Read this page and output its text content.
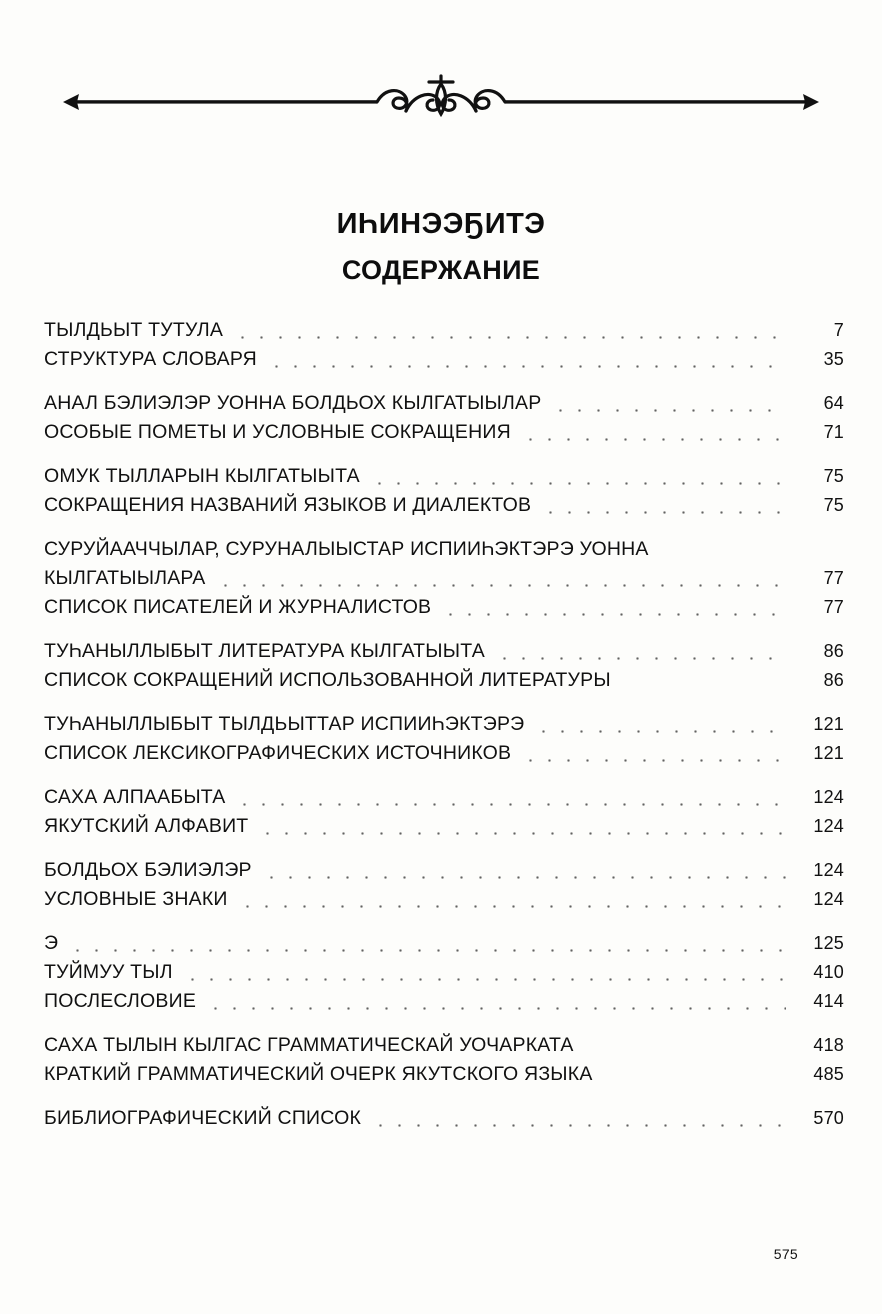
ИҺИНЭЭҔИТЭ
СОДЕРЖАНИЕ
ТЫЛДЬЫТ ТУТУЛА	7
СТРУКТУРА СЛОВАРЯ	35
АНАЛ БЭЛИЭЛЭР УОННА БОЛДЬОХ КЫЛГАТЫЫЛАР	64
ОСОБЫЕ ПОМЕТЫ И УСЛОВНЫЕ СОКРАЩЕНИЯ	71
ОМУК ТЫЛЛАРЫН КЫЛГАТЫЫТА	75
СОКРАЩЕНИЯ НАЗВАНИЙ ЯЗЫКОВ И ДИАЛЕКТОВ	75
СУРУЙААЧЧЫЛАР, СУРУНАЛЫЫСТАР ИСПИИҺЭКТЭРЭ УОННА
КЫЛГАТЫЫЛАРА	77
СПИСОК ПИСАТЕЛЕЙ И ЖУРНАЛИСТОВ	77
ТУҺАНЫЛЛЫБЫТ ЛИТЕРАТУРА КЫЛГАТЫЫТА	86
СПИСОК СОКРАЩЕНИЙ ИСПОЛЬЗОВАННОЙ ЛИТЕРАТУРЫ	86
ТУҺАНЫЛЛЫБЫТ ТЫЛДЬЫТТАР ИСПИИҺЭКТЭРЭ	121
СПИСОК ЛЕКСИКОГРАФИЧЕСКИХ ИСТОЧНИКОВ	121
САХА АЛПААБЫТА	124
ЯКУТСКИЙ АЛФАВИТ	124
БОЛДЬОХ БЭЛИЭЛЭР	124
УСЛОВНЫЕ ЗНАКИ	124
Э	125
ТУЙМУУ ТЫЛ	410
ПОСЛЕСЛОВИЕ	414
САХА ТЫЛЫН КЫЛГАС ГРАММАТИЧЕСКАЙ УОЧАРКАТА	418
КРАТКИЙ ГРАММАТИЧЕСКИЙ ОЧЕРК ЯКУТСКОГО ЯЗЫКА	485
БИБЛИОГРАФИЧЕСКИЙ СПИСОК	570
575
